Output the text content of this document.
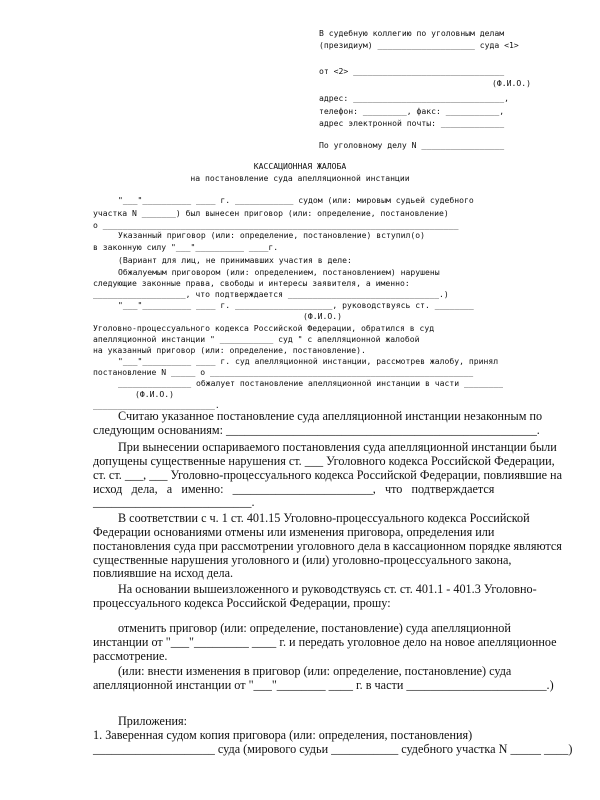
В судебную коллегию по уголовным делам

(президиум) ____________________ суда <1>

от <2> _______________________________

(Ф.И.О.)

адрес: _______________________________,

телефон: _________, факс: ___________,

адрес электронной почты: _____________

По уголовному делу N _________________

КАССАЦИОННАЯ ЖАЛОБА

на постановление суда апелляционной инстанции

"___"__________ ____ г. ____________ судом (или: мировым судьей судебного

участка N _______) был вынесен приговор (или: определение, постановление)

о _________________________________________________________________________

Указанный приговор (или: определение, постановление) вступил(о)

в законную силу "___"__________ ____г.

(Вариант для лиц, не принимавших участия в деле:

Обжалуемым приговором (или: определением, постановлением) нарушены

следующие законные права, свободы и интересы заявителя, а именно:

___________________, что подтверждается _______________________________.)

"___"__________ ____ г. ____________________, руководствуясь ст. ________

(Ф.И.О.)

Уголовно-процессуального кодекса Российской Федерации, обратился в суд

апелляционной инстанции " ___________ суд " с апелляционной жалобой

на указанный приговор (или: определение, постановление).

"___"__________ ____ г. суд апелляционной инстанции, рассмотрев жалобу, принял

постановление N _____ о ______________________________________________________

_______________ обжалует постановление апелляционной инстанции в части ________

(Ф.И.О.)

_________________________.

Считаю указанное постановление суда апелляционной инстанции незаконным по

следующим основаниям: ___________________________________________________.

При вынесении оспариваемого постановления суда апелляционной инстанции были

допущены существенные нарушения ст. ___ Уголовного кодекса Российской Федерации,

ст. ст. ___, ___ Уголовно-процессуального кодекса Российской Федерации, повлиявшие на

исход   дела,   а   именно:   _______________________,   что   подтверждается

__________________________.

В соответствии с ч. 1 ст. 401.15 Уголовно-процессуального кодекса Российской

Федерации основаниями отмены или изменения приговора, определения или

постановления суда при рассмотрении уголовного дела в кассационном порядке являются

существенные нарушения уголовного и (или) уголовно-процессуального закона,

повлиявшие на исход дела.

На основании вышеизложенного и руководствуясь ст. ст. 401.1 - 401.3 Уголовно-

процессуального кодекса Российской Федерации, прошу:

отменить приговор (или: определение, постановление) суда апелляционной

инстанции от "___"_________ ____ г. и передать уголовное дело на новое апелляционное

рассмотрение.

(или: внести изменения в приговор (или: определение, постановление) суда

апелляционной инстанции от "___"________ ____ г. в части _______________________.)

Приложения:

1. Заверенная судом копия приговора (или: определения, постановления)

____________________ суда (мирового судьи ___________ судебного участка N _____ ____)
